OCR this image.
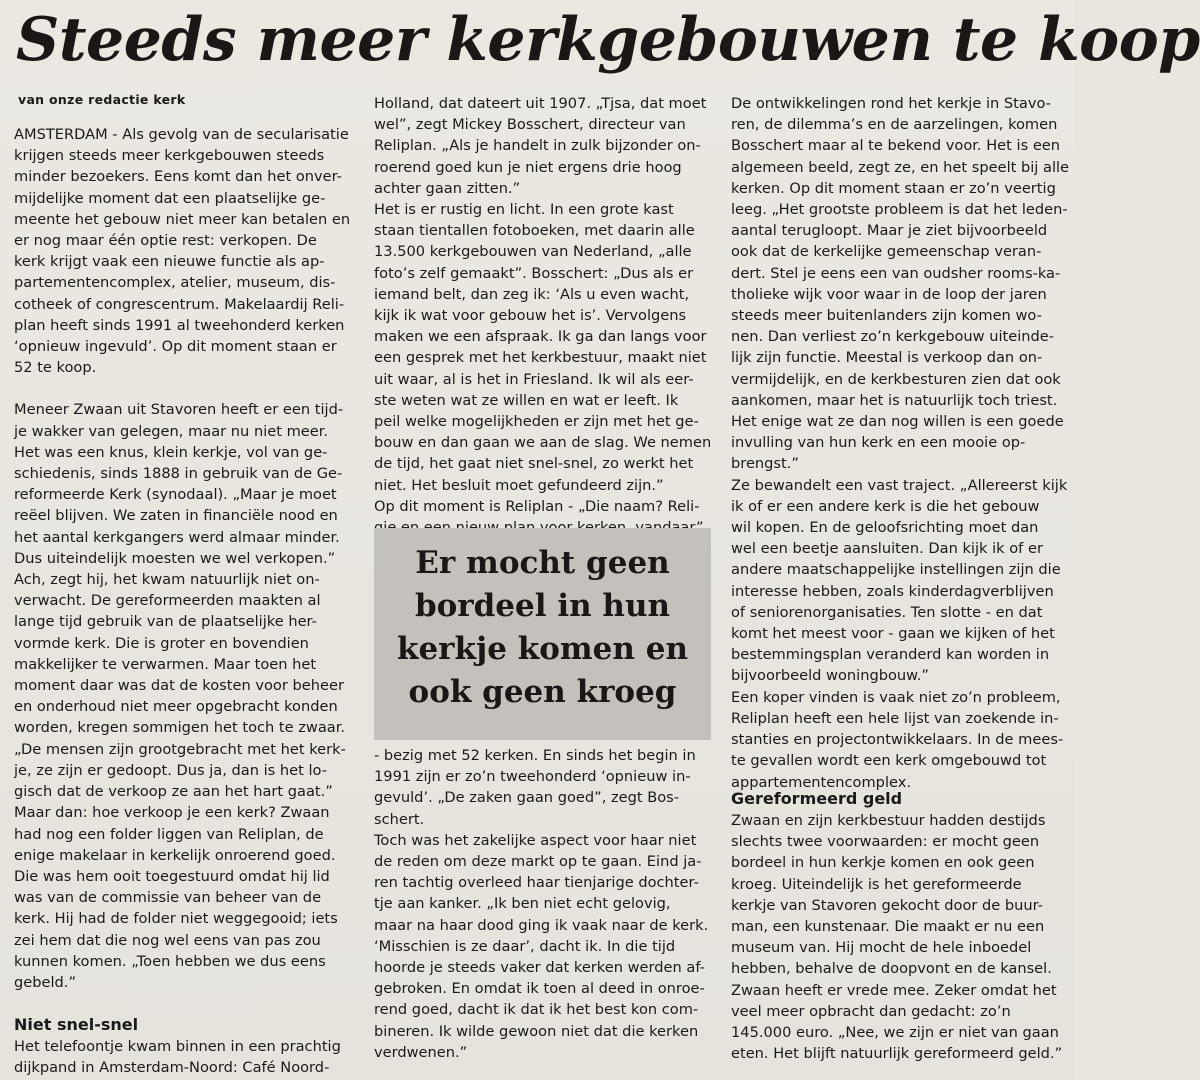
Steeds meer kerkgebouwen te koop

van onze redactie kerk

AMSTERDAM - Als gevolg van de secularisatie
krijgen steeds meer kerkgebouwen steeds
minder bezoekers. Eens komt dan het onver-
mijdelijke moment dat een plaatselijke ge-
meente het gebouw niet meer kan betalen en
er nog maar één optie rest: verkopen. De
kerk krijgt vaak een nieuwe functie als ap-
partementencomplex, atelier, museum, dis-
cotheek of congrescentrum. Makelaardij Reli-
plan heeft sinds 1991 al tweehonderd kerken
‘opnieuw ingevuld’. Op dit moment staan er
52 te koop.

Meneer Zwaan uit Stavoren heeft er een tijd-
je wakker van gelegen, maar nu niet meer.
Het was een knus, klein kerkje, vol van ge-
schiedenis, sinds 1888 in gebruik van de Ge-
reformeerde Kerk (synodaal). „Maar je moet
reëel blijven. We zaten in financiële nood en
het aantal kerkgangers werd almaar minder.
Dus uiteindelijk moesten we wel verkopen.”
Ach, zegt hij, het kwam natuurlijk niet on-
verwacht. De gereformeerden maakten al
lange tijd gebruik van de plaatselijke her-
vormde kerk. Die is groter en bovendien
makkelijker te verwarmen. Maar toen het
moment daar was dat de kosten voor beheer
en onderhoud niet meer opgebracht konden
worden, kregen sommigen het toch te zwaar.
„De mensen zijn grootgebracht met het kerk-
je, ze zijn er gedoopt. Dus ja, dan is het lo-
gisch dat de verkoop ze aan het hart gaat.”
Maar dan: hoe verkoop je een kerk? Zwaan
had nog een folder liggen van Reliplan, de
enige makelaar in kerkelijk onroerend goed.
Die was hem ooit toegestuurd omdat hij lid
was van de commissie van beheer van de
kerk. Hij had de folder niet weggegooid; iets
zei hem dat die nog wel eens van pas zou
kunnen komen. „Toen hebben we dus eens
gebeld.”

Niet snel-snel

Het telefoontje kwam binnen in een prachtig
dijkpand in Amsterdam-Noord: Café Noord-

Holland, dat dateert uit 1907. „Tjsa, dat moet
wel”, zegt Mickey Bosschert, directeur van
Reliplan. „Als je handelt in zulk bijzonder on-
roerend goed kun je niet ergens drie hoog
achter gaan zitten.”

Het is er rustig en licht. In een grote kast
staan tientallen fotoboeken, met daarin alle
13.500 kerkgebouwen van Nederland, „alle
foto’s zelf gemaakt”. Bosschert: „Dus als er
iemand belt, dan zeg ik: ‘Als u even wacht,
kijk ik wat voor gebouw het is’. Vervolgens
maken we een afspraak. Ik ga dan langs voor
een gesprek met het kerkbestuur, maakt niet
uit waar, al is het in Friesland. Ik wil als eer-
ste weten wat ze willen en wat er leeft. Ik
peil welke mogelijkheden er zijn met het ge-
bouw en dan gaan we aan de slag. We nemen
de tijd, het gaat niet snel-snel, zo werkt het
niet. Het besluit moet gefundeerd zijn.”

Op dit moment is Reliplan - „Die naam? Reli-

Er mocht geen
bordeel in hun
kerkje komen en
ook geen kroeg

- bezig met 52 kerken. En sinds het begin in
1991 zijn er zo’n tweehonderd ‘opnieuw in-
gevuld’. „De zaken gaan goed”, zegt Bos-
schert.

Toch was het zakelijke aspect voor haar niet
de reden om deze markt op te gaan. Eind ja-
ren tachtig overleed haar tienjarige dochter-
tje aan kanker. „Ik ben niet echt gelovig,
maar na haar dood ging ik vaak naar de kerk.
‘Misschien is ze daar’, dacht ik. In die tijd
hoorde je steeds vaker dat kerken werden af-
gebroken. En omdat ik toen al deed in onroe-
rend goed, dacht ik dat ik het best kon com-
bineren. Ik wilde gewoon niet dat die kerken
verdwenen.”

De ontwikkelingen rond het kerkje in Stavo-
ren, de dilemma’s en de aarzelingen, komen
Bosschert maar al te bekend voor. Het is een
algemeen beeld, zegt ze, en het speelt bij alle
kerken. Op dit moment staan er zo’n veertig
leeg. „Het grootste probleem is dat het leden-
aantal terugloopt. Maar je ziet bijvoorbeeld
ook dat de kerkelijke gemeenschap veran-
dert. Stel je eens een van oudsher rooms-ka-
tholieke wijk voor waar in de loop der jaren
steeds meer buitenlanders zijn komen wo-
nen. Dan verliest zo’n kerkgebouw uiteinde-
lijk zijn functie. Meestal is verkoop dan on-
vermijdelijk, en de kerkbesturen zien dat ook
aankomen, maar het is natuurlijk toch triest.
Het enige wat ze dan nog willen is een goede
invulling van hun kerk en een mooie op-
brengst.”

Ze bewandelt een vast traject. „Allereerst kijk
ik of er een andere kerk is die het gebouw
wil kopen. En de geloofsrichting moet dan
wel een beetje aansluiten. Dan kijk ik of er
andere maatschappelijke instellingen zijn die
interesse hebben, zoals kinderdagverblijven
of seniorenorganisaties. Ten slotte - en dat
komt het meest voor - gaan we kijken of het
bestemmingsplan veranderd kan worden in
bijvoorbeeld woningbouw.”

Een koper vinden is vaak niet zo’n probleem,
Reliplan heeft een hele lijst van zoekende in-
stanties en projectontwikkelaars. In de mees-
te gevallen wordt een kerk omgebouwd tot
appartementencomplex.

Gereformeerd geld

Zwaan en zijn kerkbestuur hadden destijds
slechts twee voorwaarden: er mocht geen
bordeel in hun kerkje komen en ook geen
kroeg. Uiteindelijk is het gereformeerde
kerkje van Stavoren gekocht door de buur-
man, een kunstenaar. Die maakt er nu een
museum van. Hij mocht de hele inboedel
hebben, behalve de doopvont en de kansel.
Zwaan heeft er vrede mee. Zeker omdat het
veel meer opbracht dan gedacht: zo’n
145.000 euro. „Nee, we zijn er niet van gaan
eten. Het blijft natuurlijk gereformeerd geld.”
